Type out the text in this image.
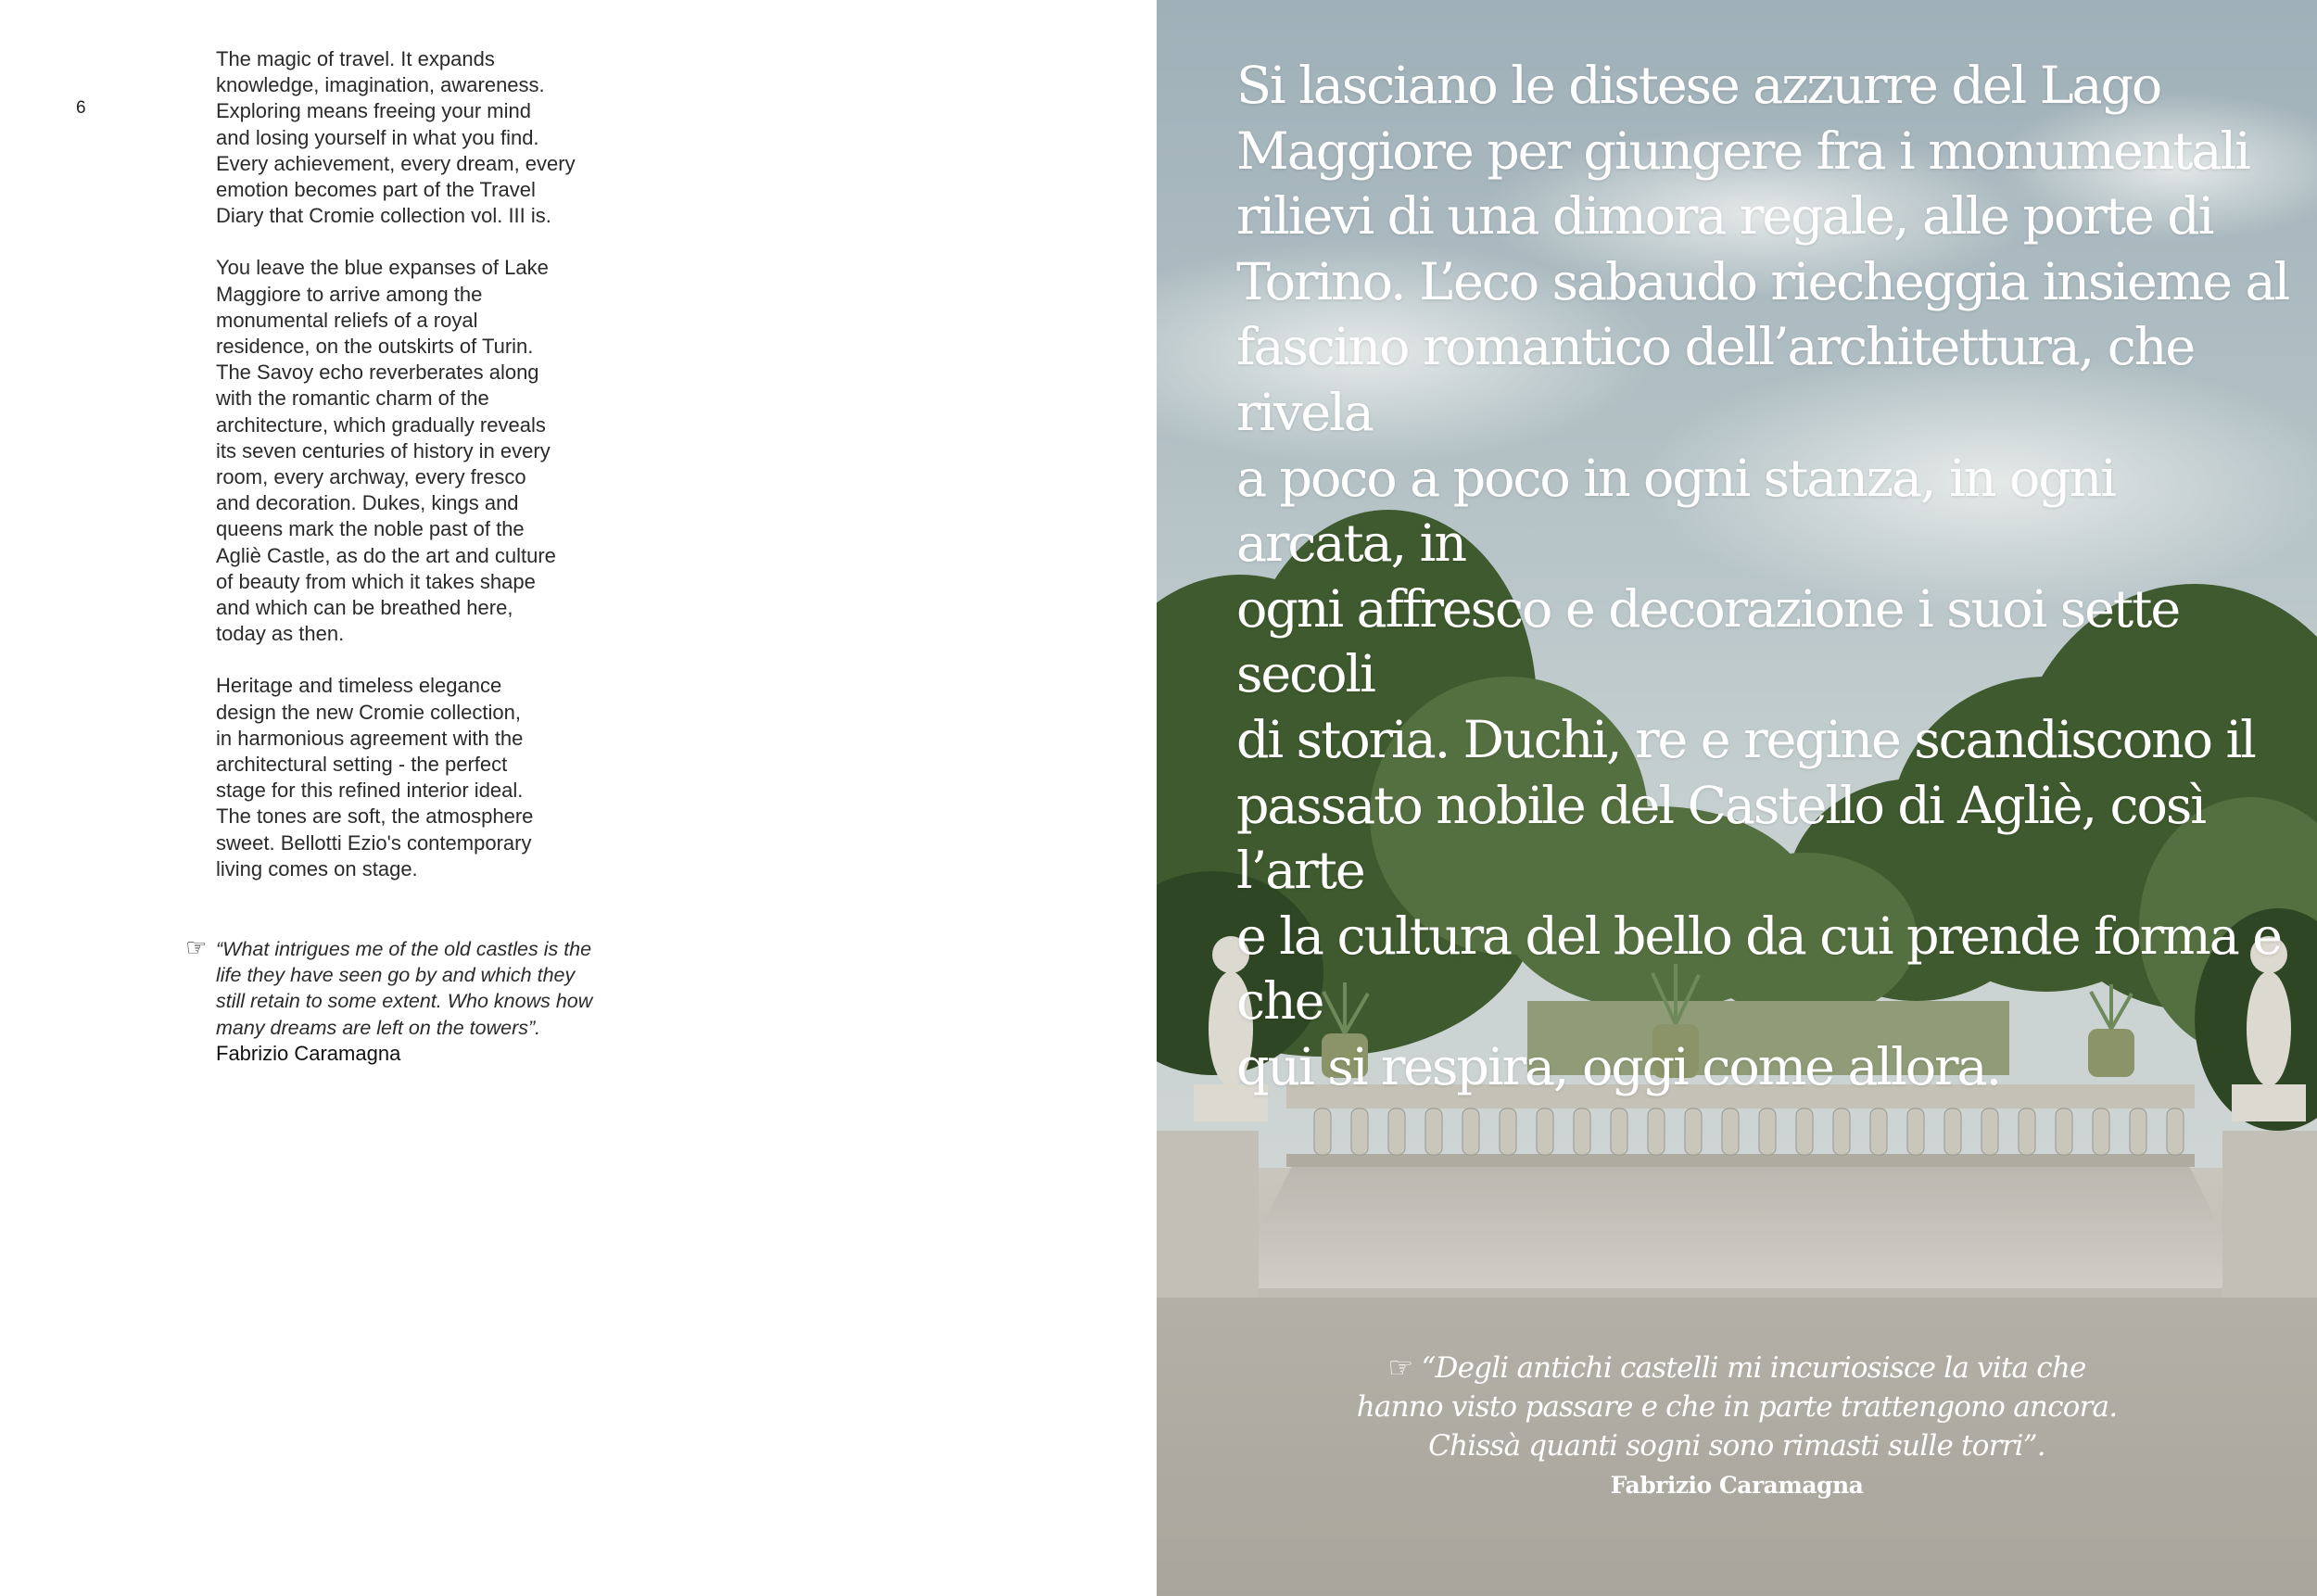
6

The magic of travel. It expands
knowledge, imagination, awareness.
Exploring means freeing your mind
and losing yourself in what you find.
Every achievement, every dream, every
emotion becomes part of the Travel
Diary that Cromie collection vol. III is.

You leave the blue expanses of Lake
Maggiore to arrive among the
monumental reliefs of a royal
residence, on the outskirts of Turin.
The Savoy echo reverberates along
with the romantic charm of the
architecture, which gradually reveals
its seven centuries of history in every
room, every archway, every fresco
and decoration. Dukes, kings and
queens mark the noble past of the
Agliè Castle, as do the art and culture
of beauty from which it takes shape
and which can be breathed here,
today as then.

Heritage and timeless elegance
design the new Cromie collection,
in harmonious agreement with the
architectural setting - the perfect
stage for this refined interior ideal.
The tones are soft, the atmosphere
sweet. Bellotti Ezio's contemporary
living comes on stage.

☞ “What intrigues me of the old castles is the
life they have seen go by and which they
still retain to some extent. Who knows how
many dreams are left on the towers”.
Fabrizio Caramagna
Si lasciano le distese azzurre del Lago
Maggiore per giungere fra i monumentali
rilievi di una dimora regale, alle porte di
Torino. L’eco sabaudo riecheggia insieme al
fascino romantico dell’architettura, che rivela
a poco a poco in ogni stanza, in ogni arcata, in
ogni affresco e decorazione i suoi sette secoli
di storia. Duchi, re e regine scandiscono il
passato nobile del Castello di Agliè, così l’arte
e la cultura del bello da cui prende forma e che
qui si respira, oggi come allora.
☞ “Degli antichi castelli mi incuriosisce la vita che
hanno visto passare e che in parte trattengono ancora.
Chissà quanti sogni sono rimasti sulle torri”.
Fabrizio Caramagna
